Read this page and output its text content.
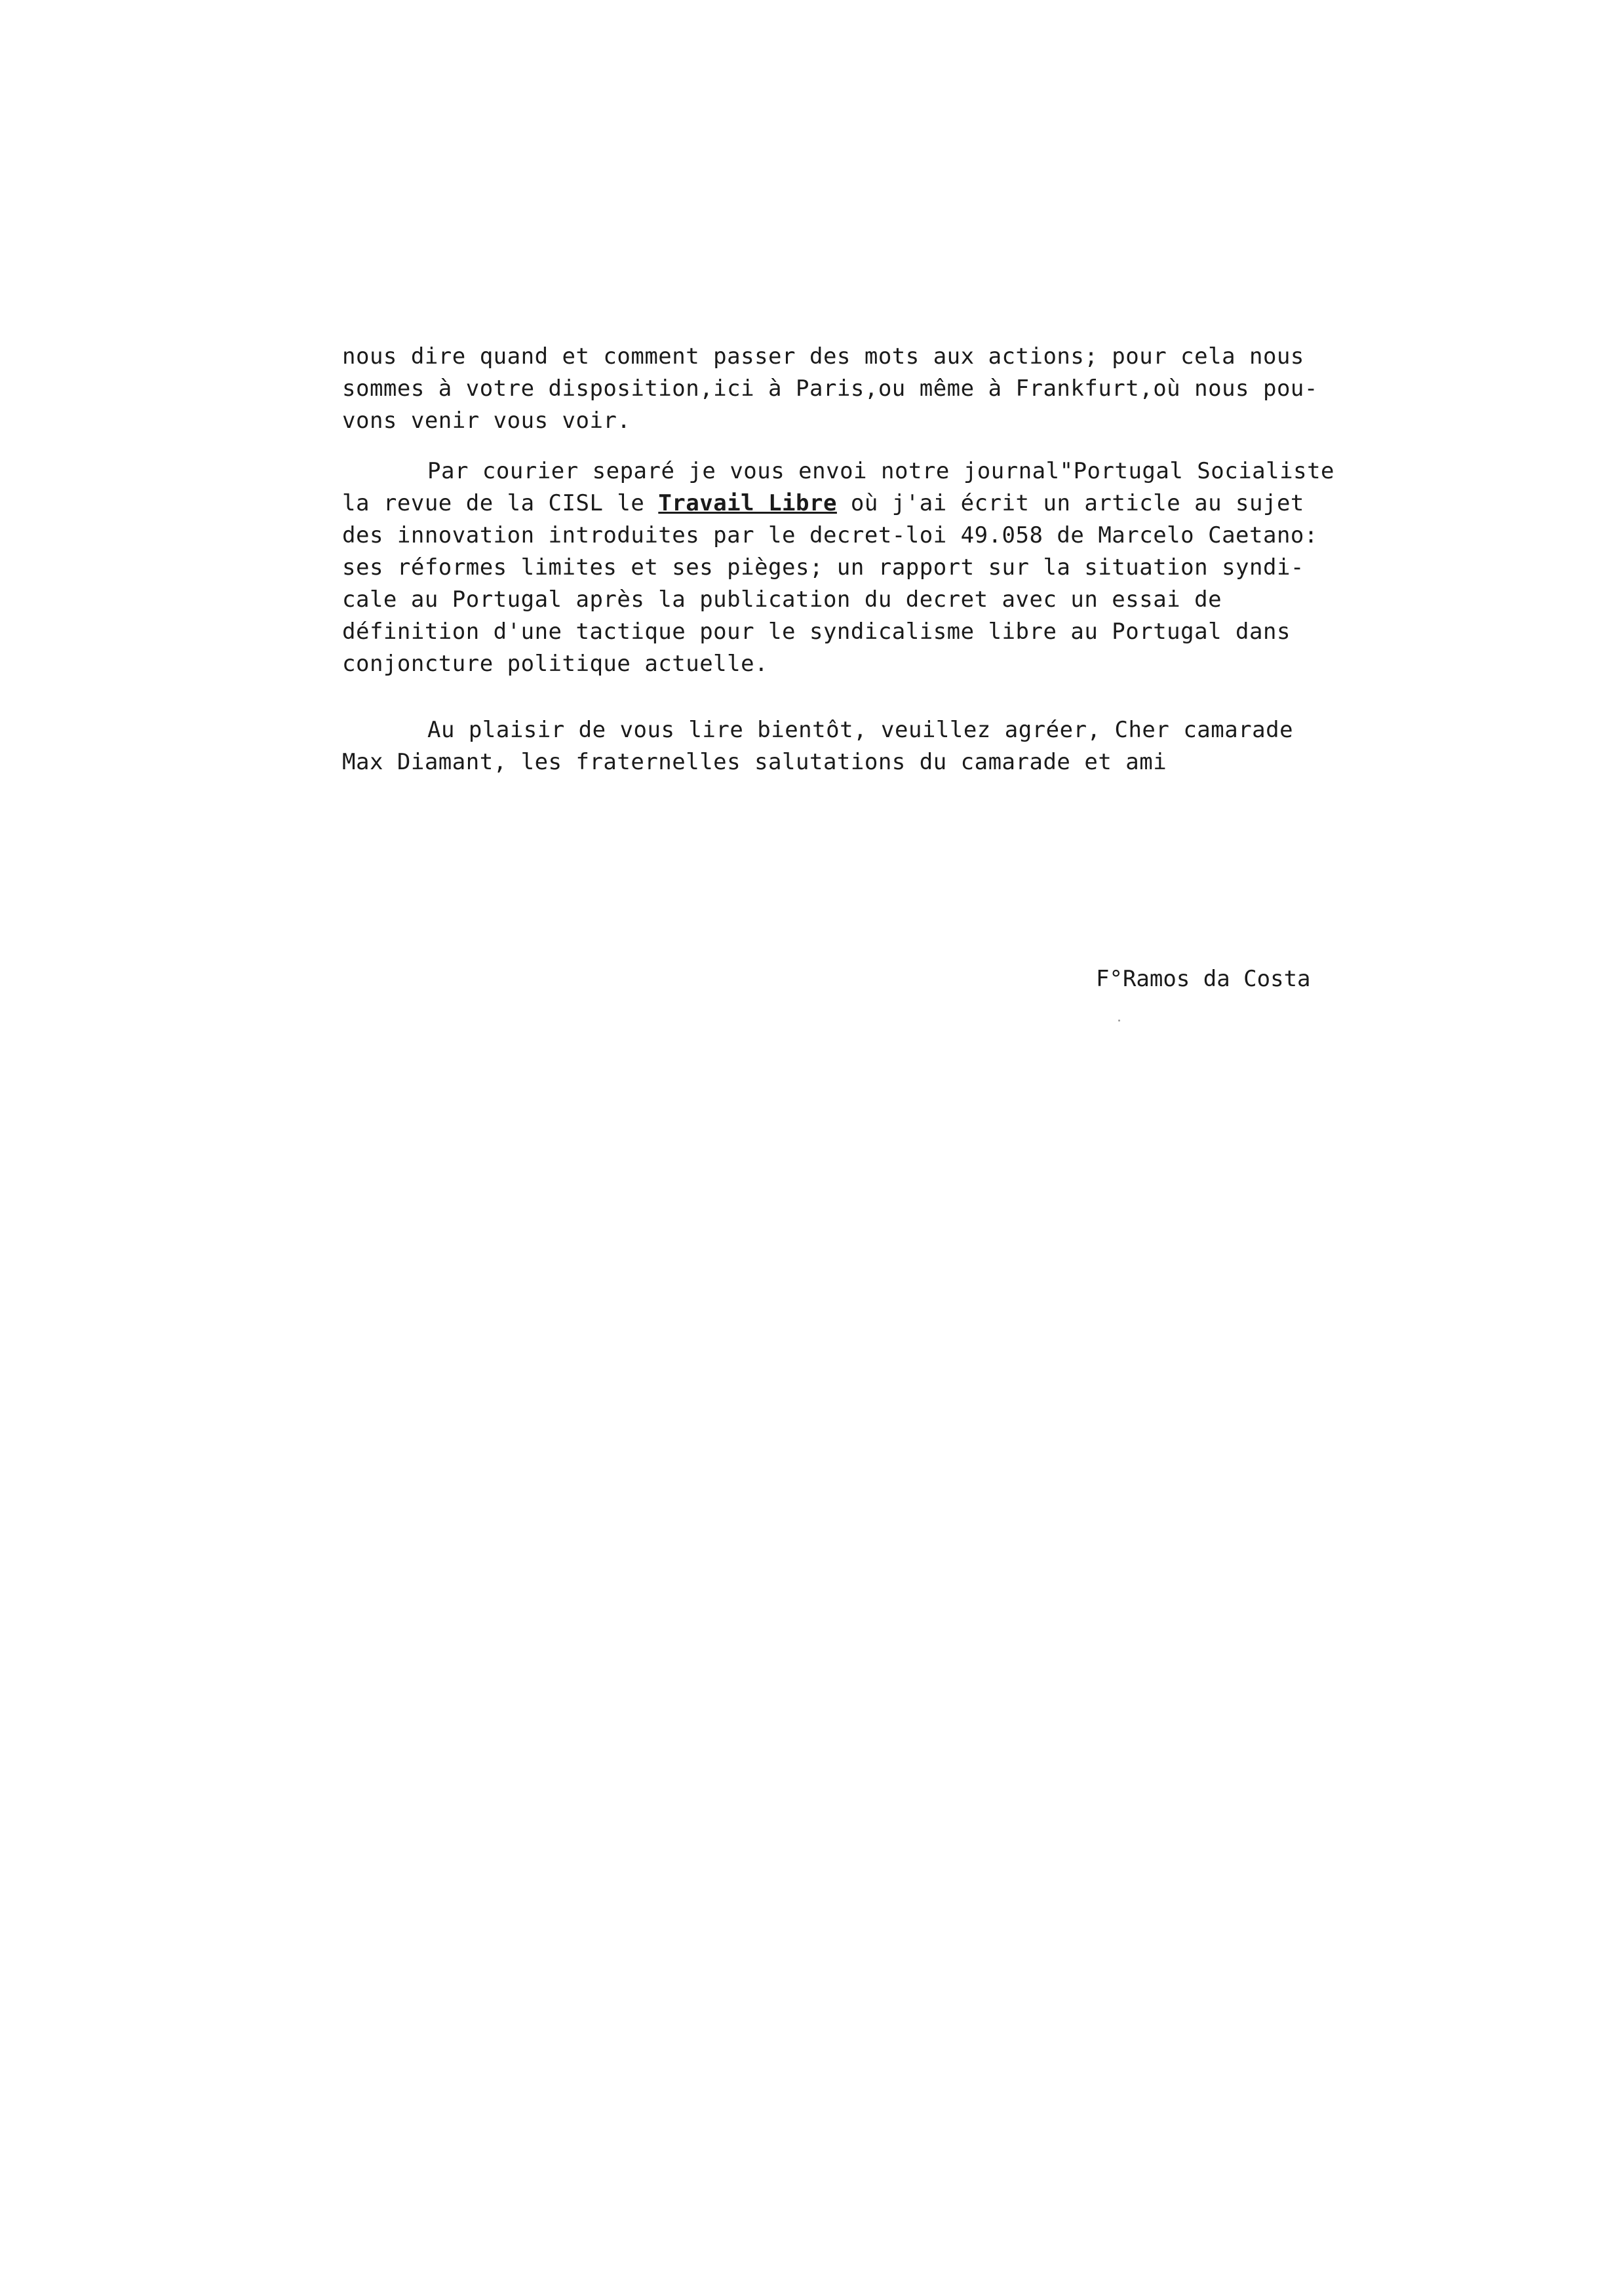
nous dire quand et comment passer des mots aux actions; pour cela nous
sommes à votre disposition,ici à Paris,ou même à Frankfurt,où nous pou-
vons venir vous voir.

Par courier separé je vous envoi notre journal"Portugal Socialiste
la revue de la CISL le Travail Libre où j'ai écrit un article au sujet
des innovation introduites par le decret-loi 49.058 de Marcelo Caetano:
ses réformes limites et ses pièges; un rapport sur la situation syndi-
cale au Portugal après la publication du decret avec un essai de
définition d'une tactique pour le syndicalisme libre au Portugal dans
conjoncture politique actuelle.

Au plaisir de vous lire bientôt, veuillez agréer, Cher camarade
Max Diamant, les fraternelles salutations du camarade et ami

F°Ramos da Costa
